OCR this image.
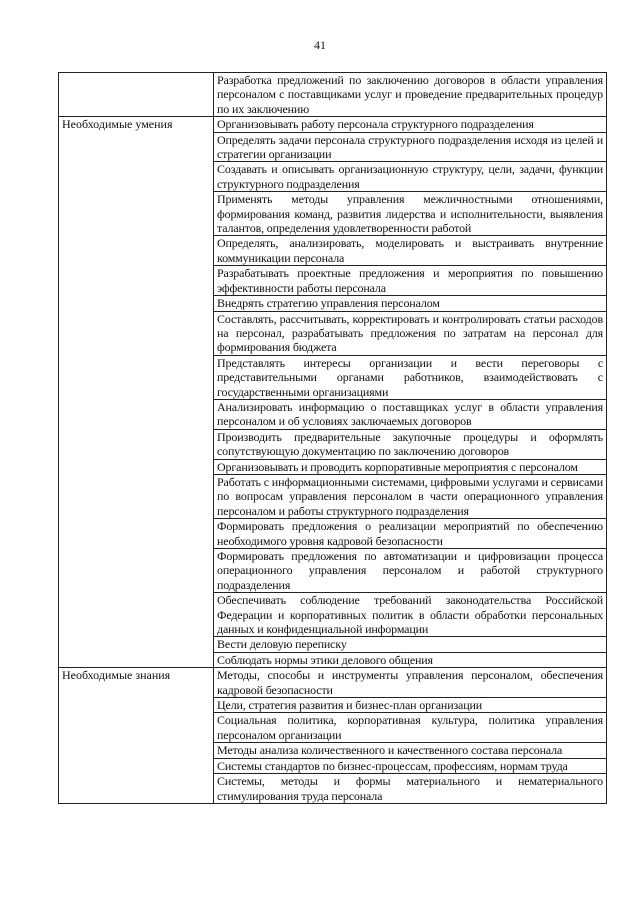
41
	Разработка предложений по заключению договоров в области управления персоналом с поставщиками услуг и проведение предварительных процедур по их заключению
Необходимые умения	Организовывать работу персонала структурного подразделения
	Определять задачи персонала структурного подразделения исходя из целей и стратегии организации
	Создавать и описывать организационную структуру, цели, задачи, функции структурного подразделения
	Применять методы управления межличностными отношениями, формирования команд, развития лидерства и исполнительности, выявления талантов, определения удовлетворенности работой
	Определять, анализировать, моделировать и выстраивать внутренние коммуникации персонала
	Разрабатывать проектные предложения и мероприятия по повышению эффективности работы персонала
	Внедрять стратегию управления персоналом
	Составлять, рассчитывать, корректировать и контролировать статьи расходов на персонал, разрабатывать предложения по затратам на персонал для формирования бюджета
	Представлять интересы организации и вести переговоры с представительными органами работников, взаимодействовать с государственными организациями
	Анализировать информацию о поставщиках услуг в области управления персоналом и об условиях заключаемых договоров
	Производить предварительные закупочные процедуры и оформлять сопутствующую документацию по заключению договоров
	Организовывать и проводить корпоративные мероприятия с персоналом
	Работать с информационными системами, цифровыми услугами и сервисами по вопросам управления персоналом в части операционного управления персоналом и работы структурного подразделения
	Формировать предложения о реализации мероприятий по обеспечению необходимого уровня кадровой безопасности
	Формировать предложения по автоматизации и цифровизации процесса операционного управления персоналом и работой структурного подразделения
	Обеспечивать соблюдение требований законодательства Российской Федерации и корпоративных политик в области обработки персональных данных и конфиденциальной информации
	Вести деловую переписку
	Соблюдать нормы этики делового общения
Необходимые знания	Методы, способы и инструменты управления персоналом, обеспечения кадровой безопасности
	Цели, стратегия развития и бизнес-план организации
	Социальная политика, корпоративная культура, политика управления персоналом организации
	Методы анализа количественного и качественного состава персонала
	Системы стандартов по бизнес-процессам, профессиям, нормам труда
	Системы, методы и формы материального и нематериального стимулирования труда персонала
